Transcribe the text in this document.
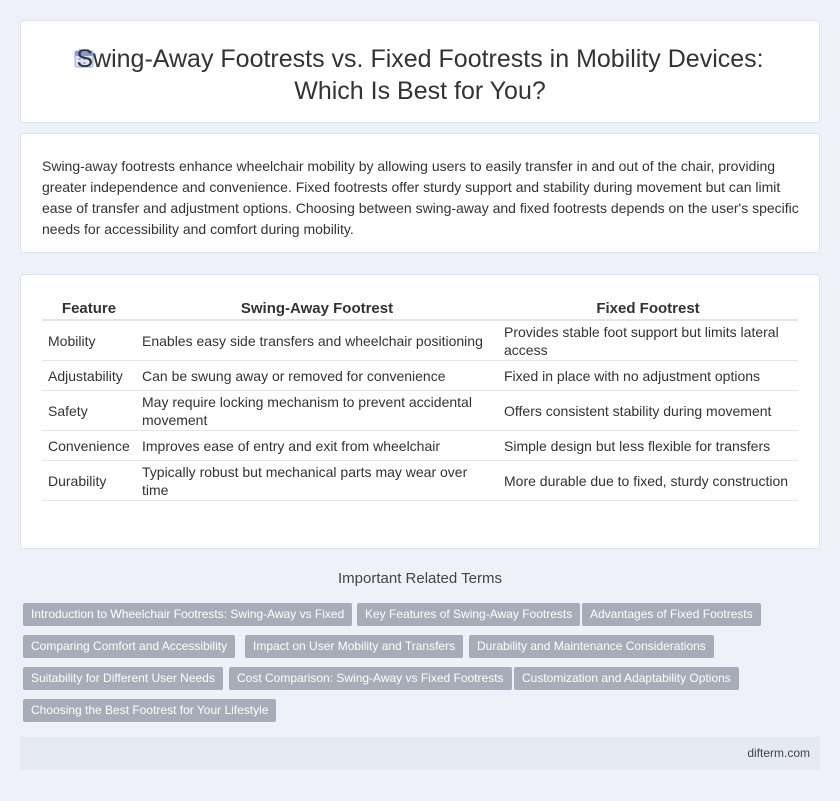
Swing-Away Footrests vs. Fixed Footrests in Mobility Devices: Which Is Best for You?

Swing-away footrests enhance wheelchair mobility by allowing users to easily transfer in and out of the chair, providing greater independence and convenience. Fixed footrests offer sturdy support and stability during movement but can limit ease of transfer and adjustment options. Choosing between swing-away and fixed footrests depends on the user's specific needs for accessibility and comfort during mobility.

Feature	Swing-Away Footrest	Fixed Footrest
Mobility	Enables easy side transfers and wheelchair positioning	Provides stable foot support but limits lateral access
Adjustability	Can be swung away or removed for convenience	Fixed in place with no adjustment options
Safety	May require locking mechanism to prevent accidental movement	Offers consistent stability during movement
Convenience	Improves ease of entry and exit from wheelchair	Simple design but less flexible for transfers
Durability	Typically robust but mechanical parts may wear over time	More durable due to fixed, sturdy construction
Important Related Terms
Introduction to Wheelchair Footrests: Swing-Away vs Fixed	Key Features of Swing-Away Footrests	Advantages of Fixed Footrests
Comparing Comfort and Accessibility	Impact on User Mobility and Transfers	Durability and Maintenance Considerations
Suitability for Different User Needs	Cost Comparison: Swing-Away vs Fixed Footrests	Customization and Adaptability Options
Choosing the Best Footrest for Your Lifestyle
difterm.com
